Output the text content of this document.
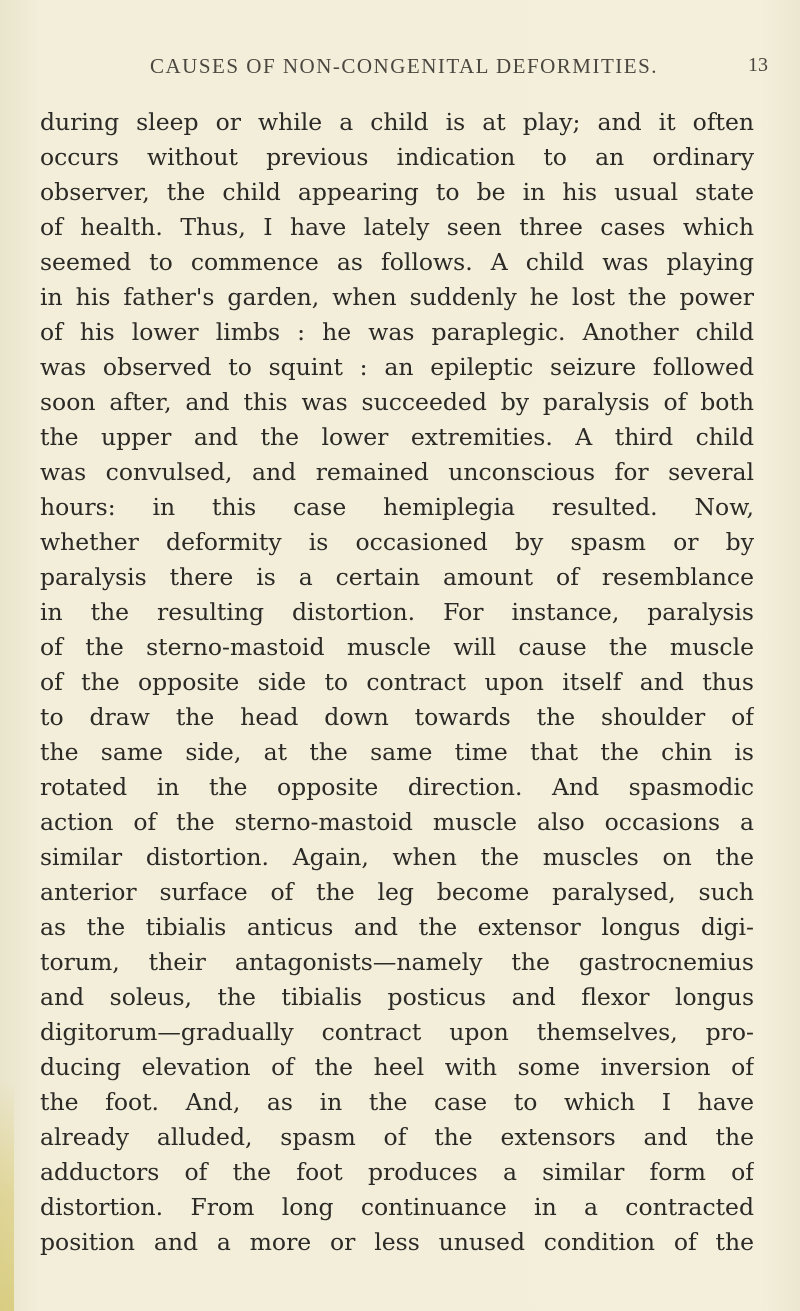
CAUSES OF NON-CONGENITAL DEFORMITIES.	13
during sleep or while a child is at play; and it often
occurs without previous indication to an ordinary
observer, the child appearing to be in his usual state
of health. Thus, I have lately seen three cases which
seemed to commence as follows. A child was playing
in his father's garden, when suddenly he lost the power
of his lower limbs : he was paraplegic. Another child
was observed to squint : an epileptic seizure followed
soon after, and this was succeeded by paralysis of both
the upper and the lower extremities. A third child
was convulsed, and remained unconscious for several
hours: in this case hemiplegia resulted. Now,
whether deformity is occasioned by spasm or by
paralysis there is a certain amount of resemblance
in the resulting distortion. For instance, paralysis
of the sterno-mastoid muscle will cause the muscle
of the opposite side to contract upon itself and thus
to draw the head down towards the shoulder of
the same side, at the same time that the chin is
rotated in the opposite direction. And spasmodic
action of the sterno-mastoid muscle also occasions a
similar distortion. Again, when the muscles on the
anterior surface of the leg become paralysed, such
as the tibialis anticus and the extensor longus digi-
torum, their antagonists—namely the gastrocnemius
and soleus, the tibialis posticus and flexor longus
digitorum—gradually contract upon themselves, pro-
ducing elevation of the heel with some inversion of
the foot. And, as in the case to which I have
already alluded, spasm of the extensors and the
adductors of the foot produces a similar form of
distortion. From long continuance in a contracted
position and a more or less unused condition of the
